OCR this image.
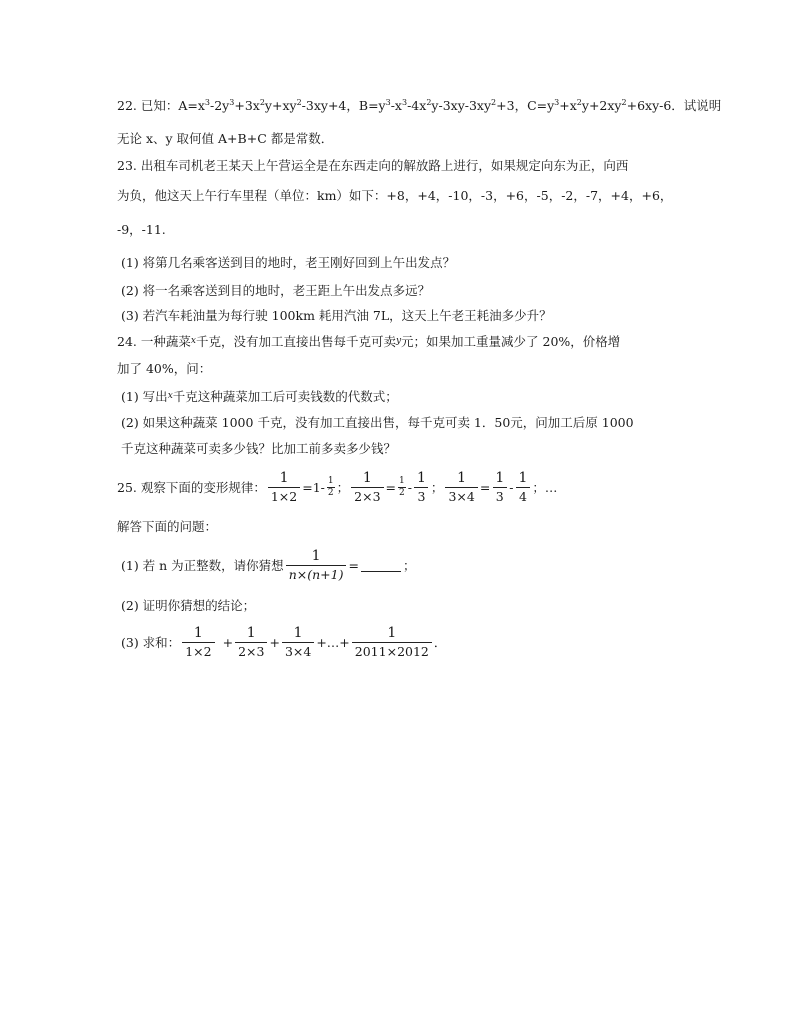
22. 已知：$A=x^3-2y^3+3x^2y+xy^2-3xy+4$，$B=y^3-x^3-4x^2y-3xy-3xy^2+3$，$C=y^3+x^2y+2xy^2+6xy-6$．试说明
无论 x、y 取何值 A+B+C 都是常数．
23. 出租车司机老王某天上午营运全是在东西走向的解放路上进行，如果规定向东为正，向西
为负，他这天上午行车里程（单位：km）如下：+8，+4，-10，-3，+6，-5，-2，-7，+4，+6，
-9，-11.
(1) 将第几名乘客送到目的地时，老王刚好回到上午出发点？
(2) 将一名乘客送到目的地时，老王距上午出发点多远？
(3) 若汽车耗油量为每行驶 100km 耗用汽油 7L，这天上午老王耗油多少升？
24. 一种蔬菜$^x$千克，没有加工直接出售每千克可卖$^y$元；如果加工重量减少了 20%，价格增
加了 40%，问：
(1) 写出$^x$千克这种蔬菜加工后可卖钱数的代数式；
(2) 如果这种蔬菜 1000 千克，没有加工直接出售，每千克可卖 1．50元，问加工后原 1000
千克这种蔬菜可卖多少钱？比加工前多卖多少钱？
25. 观察下面的变形规律： $\frac{1}{1\times 2} =1- \frac{1}{2}$ ； $\frac{1}{2\times 3} = \frac{1}{2} - \frac{1}{3}$ ； $\frac{1}{3\times 4} = \frac{1}{3} - \frac{1}{4}$ ；…
解答下面的问题：
(1) 若 n 为正整数，请你猜想 $\frac{1}{n\times(n+1)}$ =	；
(2) 证明你猜想的结论；
(3) 求和： $\frac{1}{1\times 2} + \frac{1}{2\times 3} + \frac{1}{3\times 4}$ +…+ $\frac{1}{2011\times 2012}$ ．
